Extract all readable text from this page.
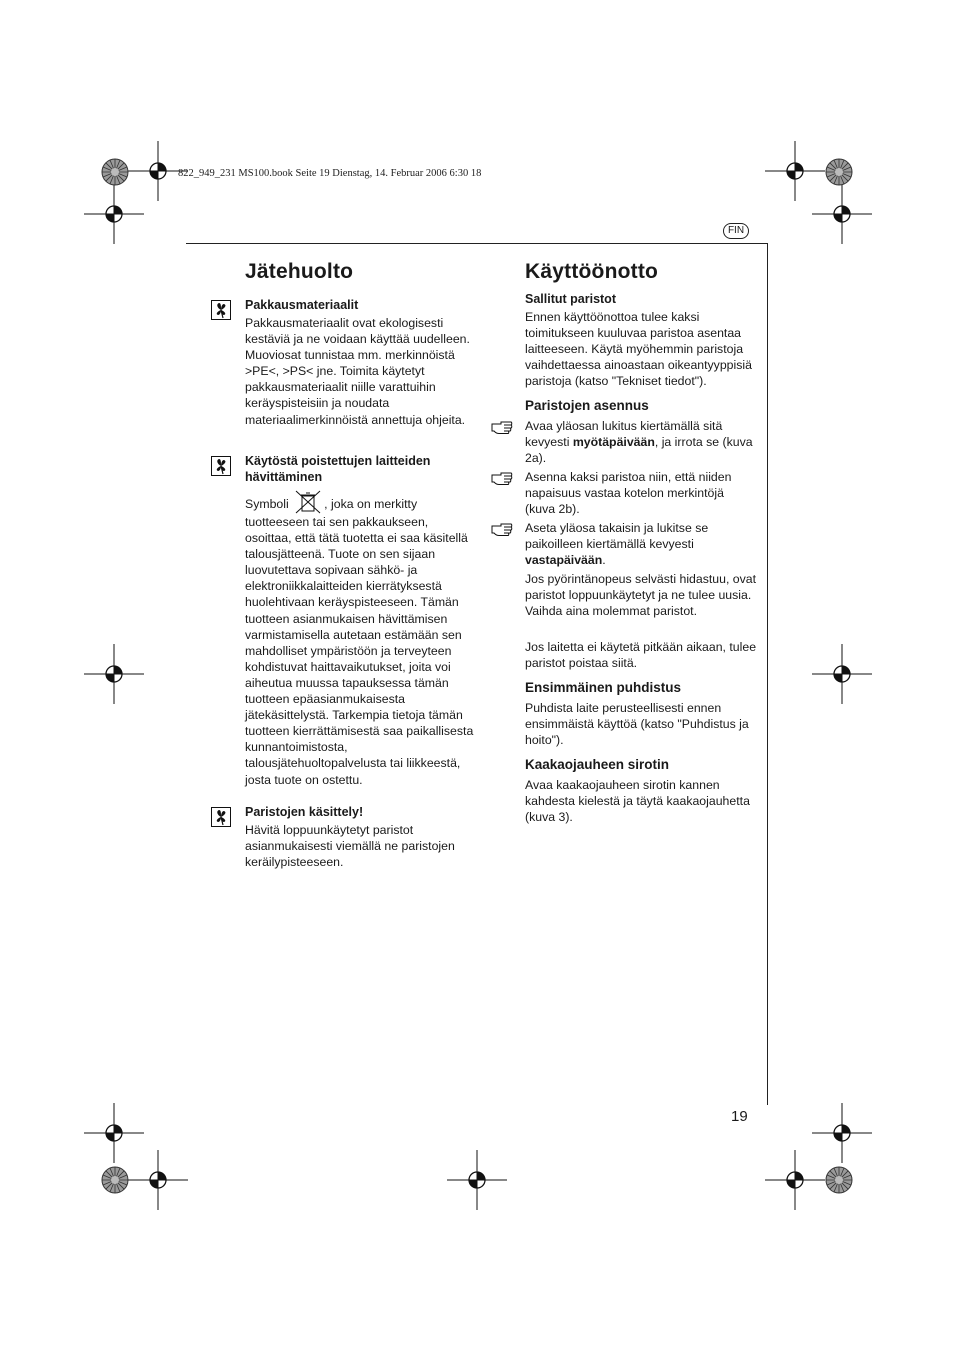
822_949_231 MS100.book Seite 19 Dienstag, 14. Februar 2006 6:30 18
FIN
Jätehuolto
Pakkausmateriaalit

Pakkausmateriaalit ovat ekologisesti kestäviä ja ne voidaan käyttää uudelleen. Muoviosat tunnistaa mm. merkinnöistä >PE<, >PS< jne. Toimita käytetyt pakkausmateriaalit niille varattuihin keräyspisteisiin ja noudata materiaalimerkinnöistä annettuja ohjeita.

Käytöstä poistettujen laitteiden hävittäminen

Symboli	, joka on merkitty tuotteeseen tai sen pakkaukseen, osoittaa, että tätä tuotetta ei saa käsitellä talousjätteenä. Tuote on sen sijaan luovutettava sopivaan sähkö- ja elektroniikkalaitteiden kierrätyksestä huolehtivaan keräyspisteeseen. Tämän tuotteen asianmukaisen hävittämisen varmistamisella autetaan estämään sen mahdolliset ympäristöön ja terveyteen kohdistuvat haittavaikutukset, joita voi aiheutua muussa tapauksessa tämän tuotteen epäasianmukaisesta jätekäsittelystä. Tarkempia tietoja tämän tuotteen kierrättämisestä saa paikallisesta kunnantoimistosta, talousjätehuoltopalvelusta tai liikkeestä, josta tuote on ostettu.

Paristojen käsittely!

Hävitä loppuunkäytetyt paristot asianmukaisesti viemällä ne paristojen keräilypisteeseen.

Käyttöönotto
Sallitut paristot

Ennen käyttöönottoa tulee kaksi toimitukseen kuuluvaa paristoa asentaa laitteeseen. Käytä myöhemmin paristoja vaihdettaessa ainoastaan oikeantyyppisiä paristoja (katso "Tekniset tiedot").

Paristojen asennus

Avaa yläosan lukitus kiertämällä sitä kevyesti myötäpäivään, ja irrota se (kuva 2a).

Asenna kaksi paristoa niin, että niiden napaisuus vastaa kotelon merkintöjä (kuva 2b).

Aseta yläosa takaisin ja lukitse se paikoilleen kiertämällä kevyesti vastapäivään.

Jos pyörintänopeus selvästi hidastuu, ovat paristot loppuunkäytetyt ja ne tulee uusia. Vaihda aina molemmat paristot.

Jos laitetta ei käytetä pitkään aikaan, tulee paristot poistaa siitä.

Ensimmäinen puhdistus

Puhdista laite perusteellisesti ennen ensimmäistä käyttöä (katso "Puhdistus ja hoito").

Kaakaojauheen sirotin

Avaa kaakaojauheen sirotin kannen kahdesta kielestä ja täytä kaakaojauhetta (kuva 3).

19
